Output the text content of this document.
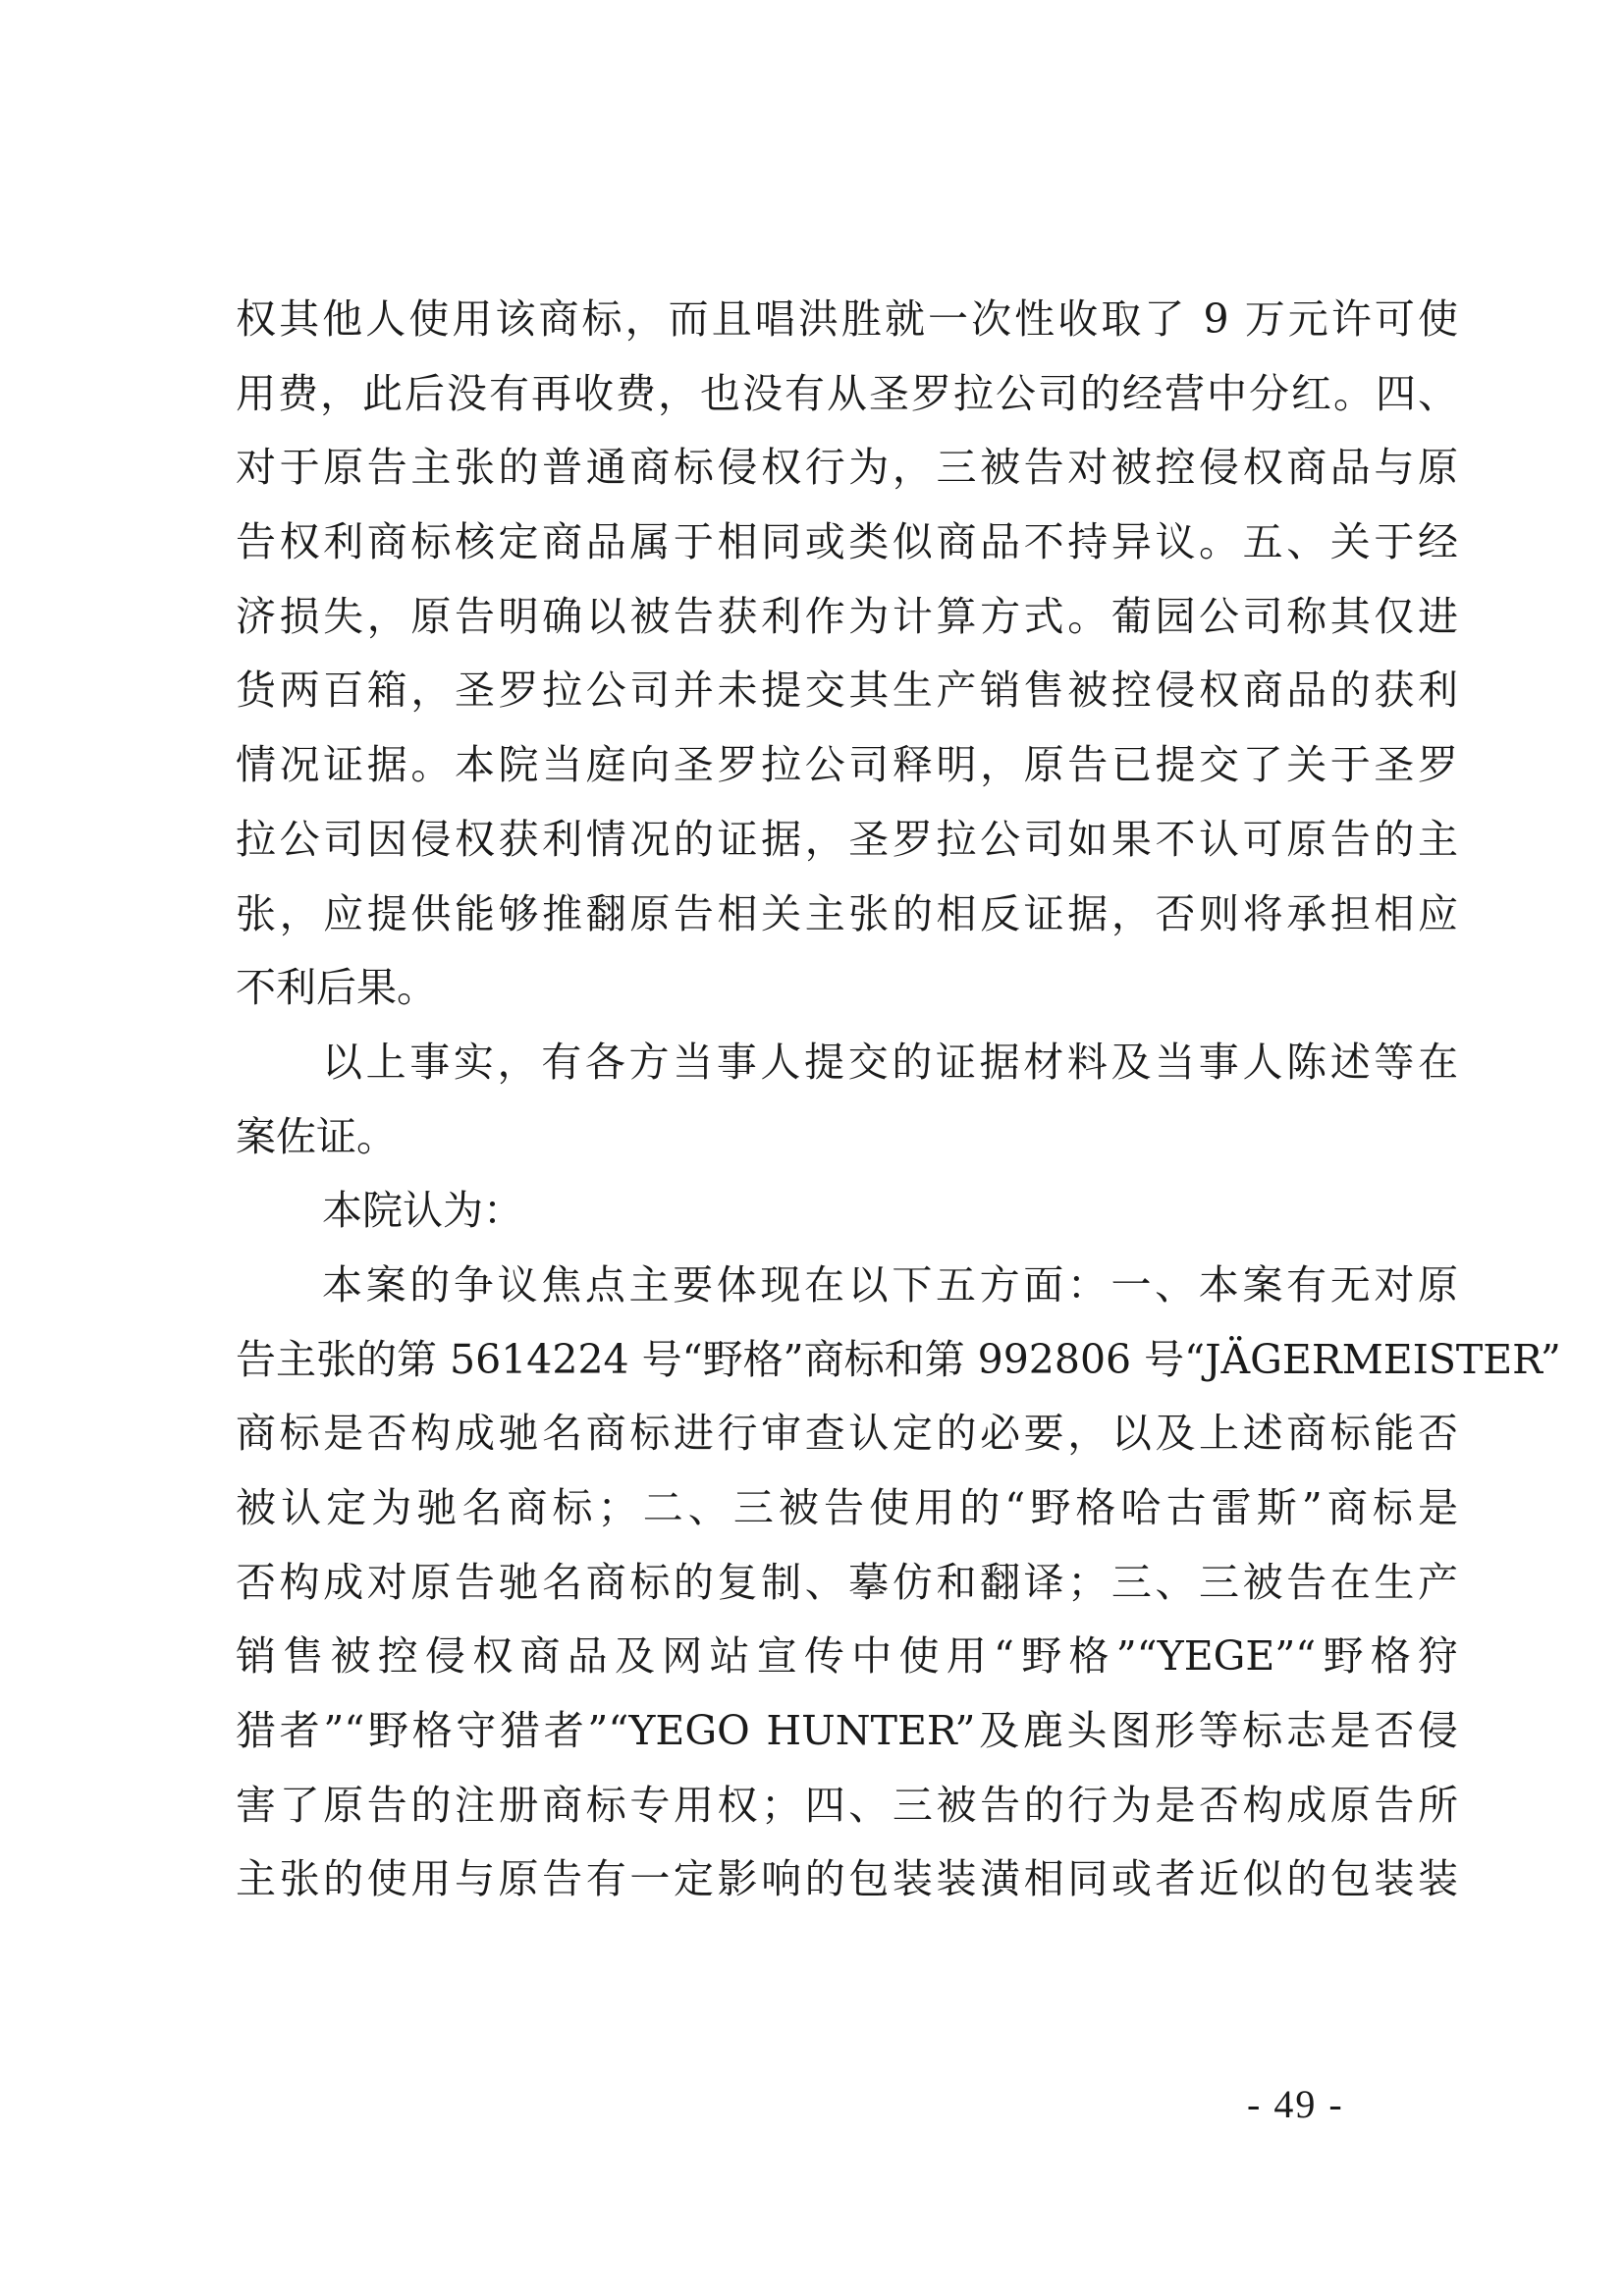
权其他人使用该商标，而且唱洪胜就一次性收取了 9 万元许可使
用费，此后没有再收费，也没有从圣罗拉公司的经营中分红。四、
对于原告主张的普通商标侵权行为，三被告对被控侵权商品与原
告权利商标核定商品属于相同或类似商品不持异议。五、关于经
济损失，原告明确以被告获利作为计算方式。葡园公司称其仅进
货两百箱，圣罗拉公司并未提交其生产销售被控侵权商品的获利
情况证据。本院当庭向圣罗拉公司释明，原告已提交了关于圣罗
拉公司因侵权获利情况的证据，圣罗拉公司如果不认可原告的主
张，应提供能够推翻原告相关主张的相反证据，否则将承担相应
不利后果。
以上事实，有各方当事人提交的证据材料及当事人陈述等在
案佐证。
本院认为：
本案的争议焦点主要体现在以下五方面：一、本案有无对原
告主张的第 5614224 号“野格”商标和第 992806 号“JÄGERMEISTER”
商标是否构成驰名商标进行审查认定的必要，以及上述商标能否
被认定为驰名商标；二、三被告使用的“野格哈古雷斯”商标是
否构成对原告驰名商标的复制、摹仿和翻译；三、三被告在生产
销售被控侵权商品及网站宣传中使用“野格”“YEGE”“野格狩
猎者”“野格守猎者”“YEGO HUNTER”及鹿头图形等标志是否侵
害了原告的注册商标专用权；四、三被告的行为是否构成原告所
主张的使用与原告有一定影响的包装装潢相同或者近似的包装装
- 49 -
